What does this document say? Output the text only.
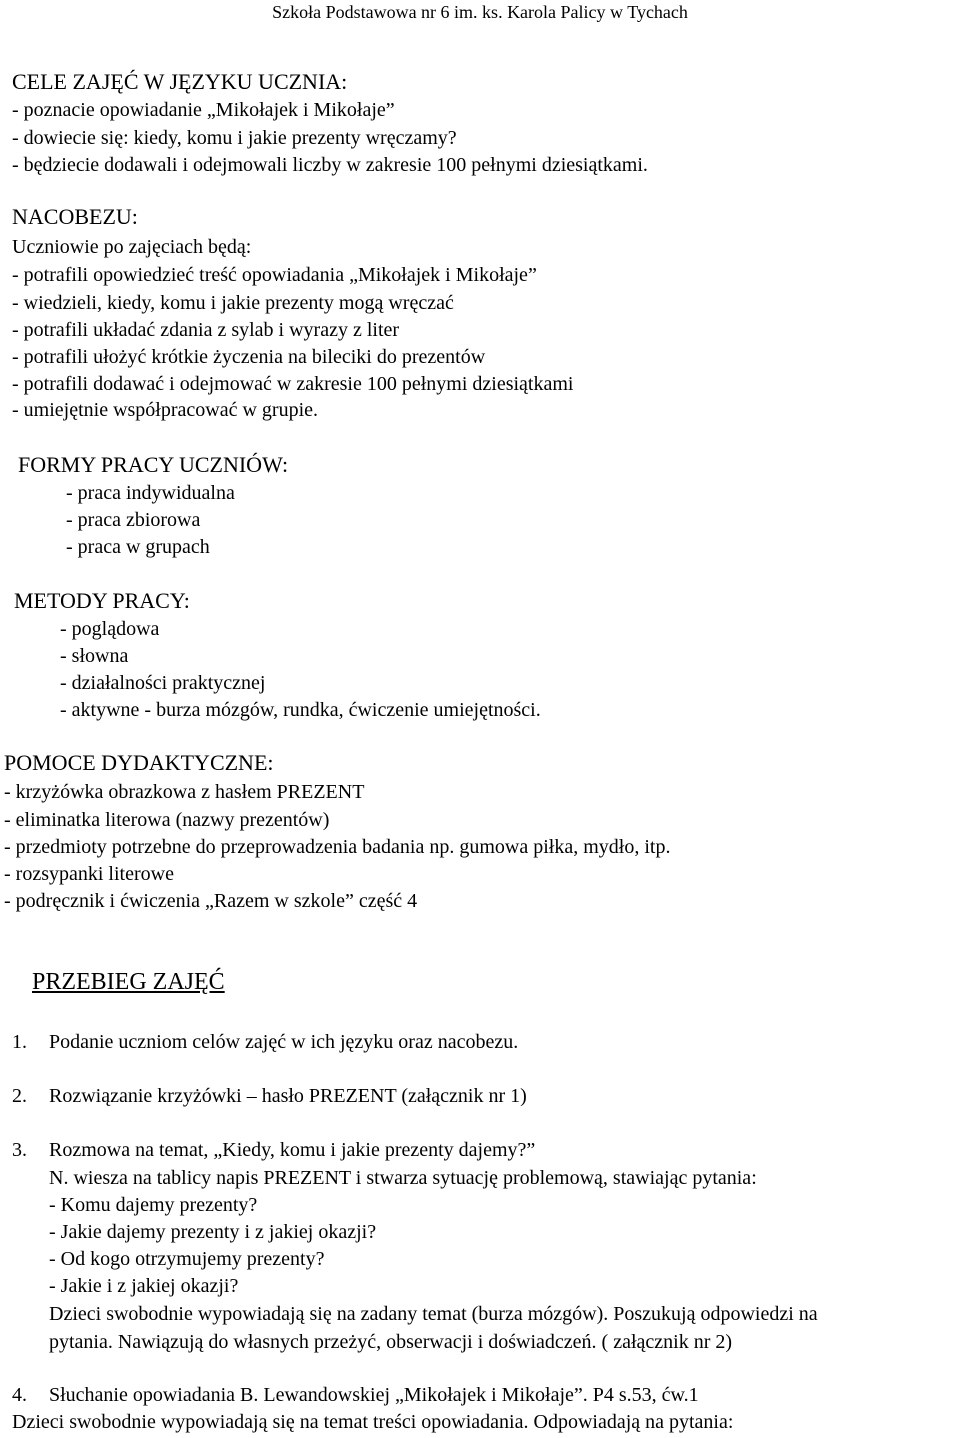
Szkoła Podstawowa nr 6 im. ks. Karola Palicy w Tychach
CELE ZAJĘĆ W JĘZYKU UCZNIA:
- poznacie opowiadanie „Mikołajek i Mikołaje”
- dowiecie się: kiedy, komu i jakie prezenty wręczamy?
- będziecie dodawali i odejmowali liczby w zakresie 100 pełnymi dziesiątkami.
NACOBEZU:
Uczniowie po zajęciach będą:
- potrafili opowiedzieć treść opowiadania „Mikołajek i Mikołaje”
- wiedzieli, kiedy, komu i jakie prezenty mogą wręczać
- potrafili układać zdania z sylab i wyrazy z liter
- potrafili ułożyć krótkie życzenia na bileciki do prezentów
- potrafili dodawać i odejmować w zakresie 100 pełnymi dziesiątkami
- umiejętnie współpracować w grupie.
FORMY PRACY UCZNIÓW:
- praca indywidualna
- praca zbiorowa
- praca w grupach
METODY PRACY:
- poglądowa
- słowna
- działalności praktycznej
- aktywne - burza mózgów, rundka, ćwiczenie umiejętności.
POMOCE DYDAKTYCZNE:
- krzyżówka obrazkowa z hasłem PREZENT
- eliminatka literowa (nazwy prezentów)
- przedmioty potrzebne do przeprowadzenia badania np. gumowa piłka, mydło, itp.
- rozsypanki literowe
- podręcznik i ćwiczenia „Razem w szkole” część 4
PRZEBIEG ZAJĘĆ
1. Podanie uczniom celów zajęć w ich języku oraz nacobezu.
2. Rozwiązanie krzyżówki – hasło PREZENT (załącznik nr 1)
3. Rozmowa na temat, „Kiedy, komu i jakie prezenty dajemy?”
N. wiesza na tablicy napis PREZENT i stwarza sytuację problemową, stawiając pytania:
- Komu dajemy prezenty?
- Jakie dajemy prezenty i z jakiej okazji?
- Od kogo otrzymujemy prezenty?
- Jakie i z jakiej okazji?
Dzieci swobodnie wypowiadają się na zadany temat (burza mózgów). Poszukują odpowiedzi na
pytania. Nawiązują do własnych przeżyć, obserwacji i doświadczeń. ( załącznik nr 2)
4. Słuchanie opowiadania B. Lewandowskiej „Mikołajek i Mikołaje”. P4 s.53, ćw.1
Dzieci swobodnie wypowiadają się na temat treści opowiadania. Odpowiadają na pytania:
